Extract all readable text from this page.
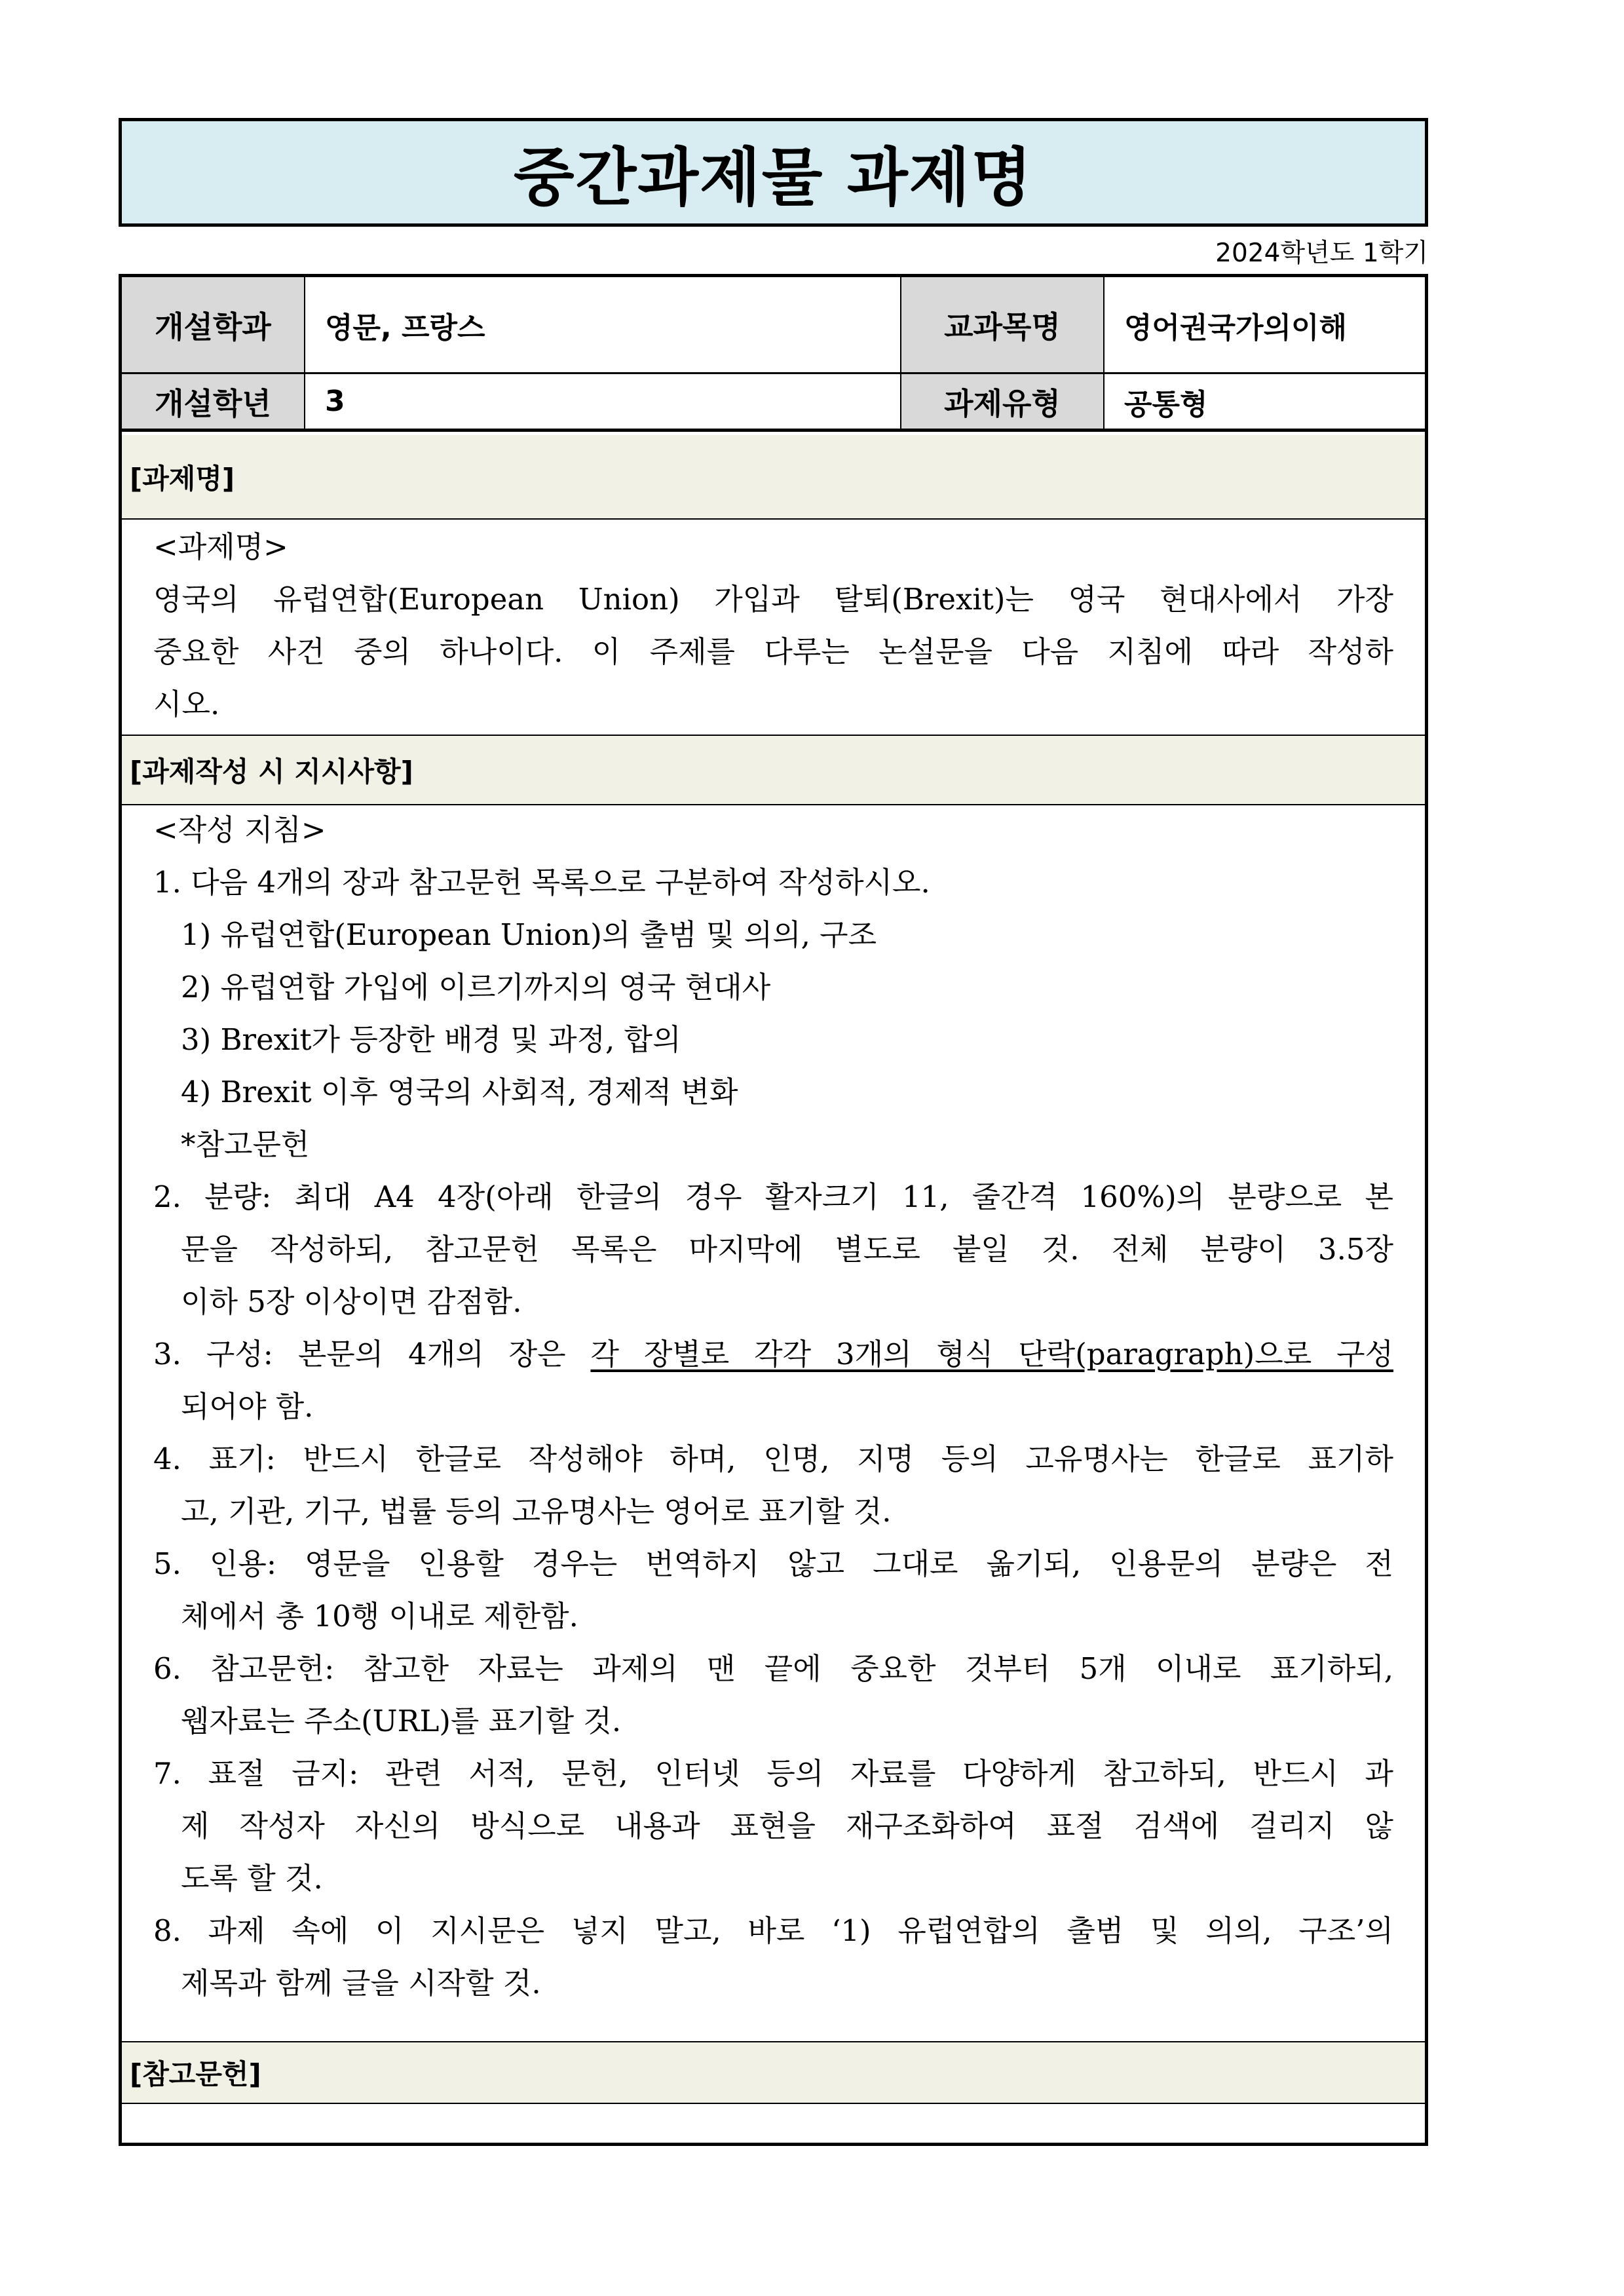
중간과제물 과제명
2024학년도 1학기
개설학과	영문, 프랑스	교과목명	영어권국가의이해
개설학년	3	과제유형	공통형
[과제명]
<과제명>
영국의 유럽연합(European Union) 가입과 탈퇴(Brexit)는 영국 현대사에서 가장
중요한 사건 중의 하나이다. 이 주제를 다루는 논설문을 다음 지침에 따라 작성하
시오.
[과제작성 시 지시사항]
<작성 지침>
1. 다음 4개의 장과 참고문헌 목록으로 구분하여 작성하시오.
1) 유럽연합(European Union)의 출범 및 의의, 구조
2) 유럽연합 가입에 이르기까지의 영국 현대사
3) Brexit가 등장한 배경 및 과정, 합의
4) Brexit 이후 영국의 사회적, 경제적 변화
*참고문헌
2. 분량: 최대 A4 4장(아래 한글의 경우 활자크기 11, 줄간격 160%)의 분량으로 본
문을 작성하되, 참고문헌 목록은 마지막에 별도로 붙일 것. 전체 분량이 3.5장
이하 5장 이상이면 감점함.
3. 구성: 본문의 4개의 장은 각 장별로 각각 3개의 형식 단락(paragraph)으로 구성
되어야 함.
4. 표기: 반드시 한글로 작성해야 하며, 인명, 지명 등의 고유명사는 한글로 표기하
고, 기관, 기구, 법률 등의 고유명사는 영어로 표기할 것.
5. 인용: 영문을 인용할 경우는 번역하지 않고 그대로 옮기되, 인용문의 분량은 전
체에서 총 10행 이내로 제한함.
6. 참고문헌: 참고한 자료는 과제의 맨 끝에 중요한 것부터 5개 이내로 표기하되,
웹자료는 주소(URL)를 표기할 것.
7. 표절 금지: 관련 서적, 문헌, 인터넷 등의 자료를 다양하게 참고하되, 반드시 과
제 작성자 자신의 방식으로 내용과 표현을 재구조화하여 표절 검색에 걸리지 않
도록 할 것.
8. 과제 속에 이 지시문은 넣지 말고, 바로 ‘1) 유럽연합의 출범 및 의의, 구조’의
제목과 함께 글을 시작할 것.
[참고문헌]
